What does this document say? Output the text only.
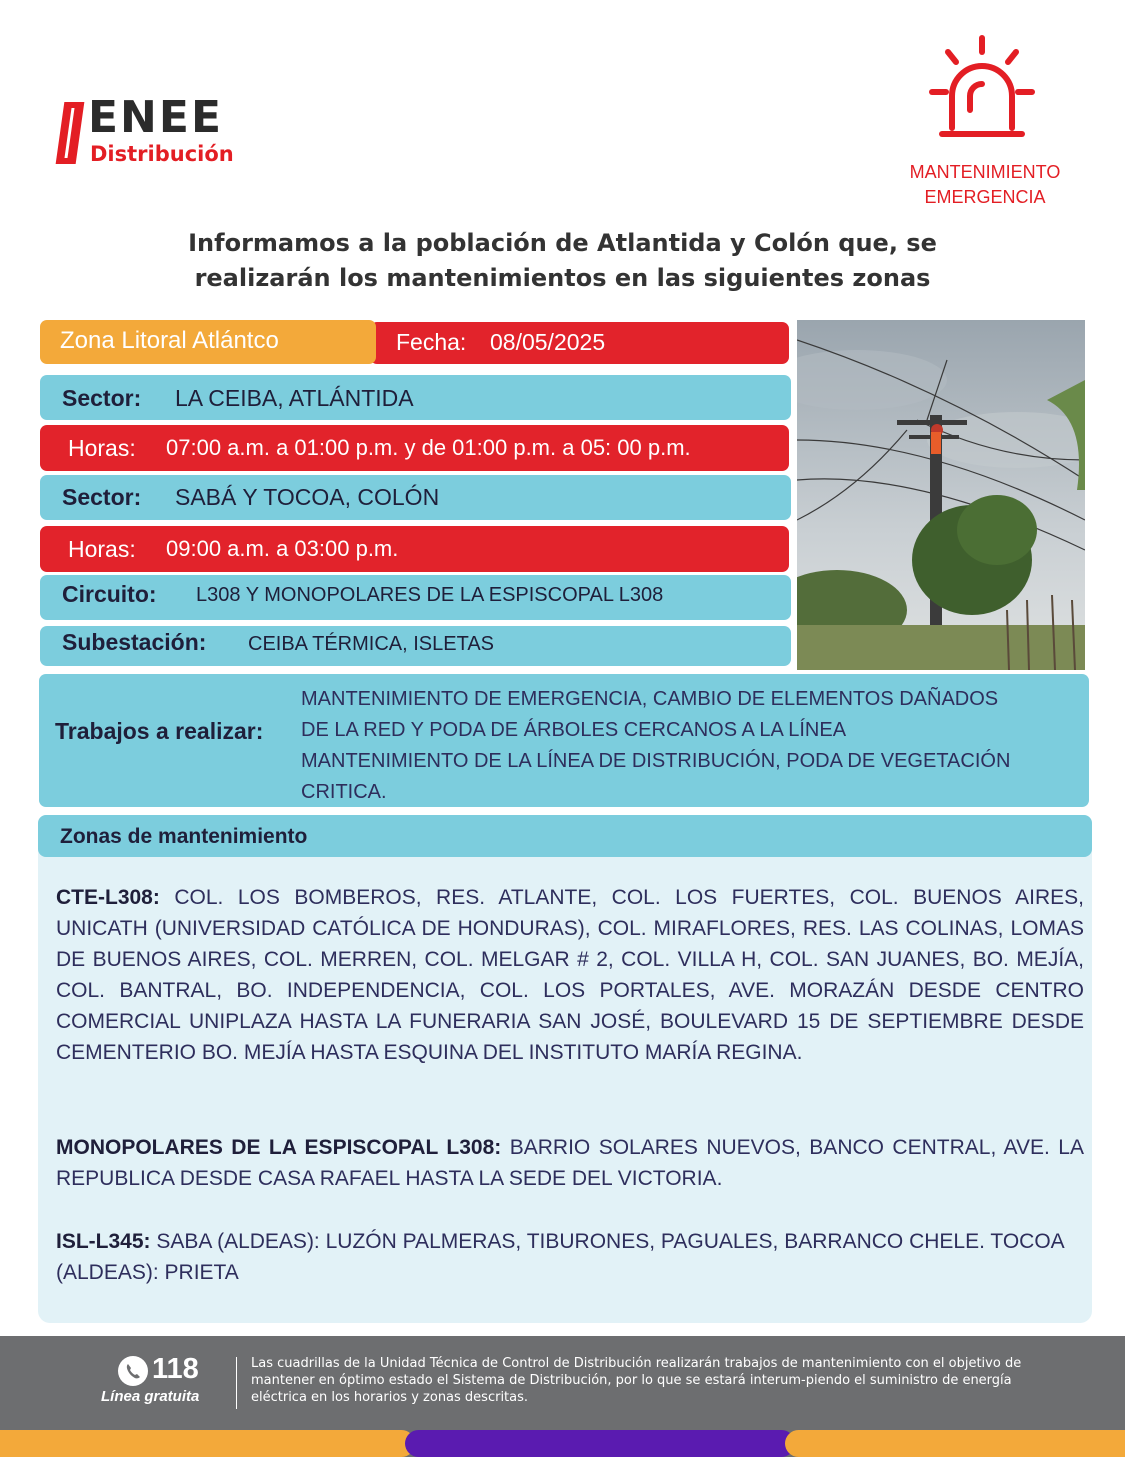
ENEE
Distribución
MANTENIMIENTO
EMERGENCIA
Informamos a la población de Atlantida y Colón que, se
realizarán los mantenimientos en las siguientes zonas
Fecha: 08/05/2025
Zona Litoral Atlántco
Sector: LA CEIBA, ATLÁNTIDA
Horas: 07:00 a.m. a 01:00 p.m. y de 01:00 p.m. a 05: 00 p.m.
Sector: SABÁ Y TOCOA, COLÓN
Horas: 09:00 a.m. a 03:00 p.m.
Circuito: L308 Y MONOPOLARES DE LA ESPISCOPAL L308
Subestación: CEIBA TÉRMICA, ISLETAS
Trabajos a realizar:
MANTENIMIENTO DE EMERGENCIA, CAMBIO DE ELEMENTOS DAÑADOS
DE LA RED Y PODA DE ÁRBOLES CERCANOS A LA LÍNEA
MANTENIMIENTO DE LA LÍNEA DE DISTRIBUCIÓN, PODA DE VEGETACIÓN
CRITICA.
Zonas de mantenimiento
CTE-L308: COL. LOS BOMBEROS, RES. ATLANTE, COL. LOS FUERTES, COL. BUENOS AIRES, UNICATH (UNIVERSIDAD CATÓLICA DE HONDURAS), COL. MIRAFLORES, RES. LAS COLINAS, LOMAS DE BUENOS AIRES, COL. MERREN, COL. MELGAR # 2, COL. VILLA H, COL. SAN JUANES, BO. MEJÍA, COL. BANTRAL, BO. INDEPENDENCIA, COL. LOS PORTALES, AVE. MORAZÁN DESDE CENTRO COMERCIAL UNIPLAZA HASTA LA FUNERARIA SAN JOSÉ, BOULEVARD 15 DE SEPTIEMBRE DESDE CEMENTERIO BO. MEJÍA HASTA ESQUINA DEL INSTITUTO MARÍA REGINA.
MONOPOLARES DE LA ESPISCOPAL L308: BARRIO SOLARES NUEVOS, BANCO CENTRAL, AVE. LA REPUBLICA DESDE CASA RAFAEL HASTA LA SEDE DEL VICTORIA.
ISL-L345: SABA (ALDEAS): LUZÓN PALMERAS, TIBURONES, PAGUALES, BARRANCO CHELE. TOCOA (ALDEAS): PRIETA
118
Línea gratuita
Las cuadrillas de la Unidad Técnica de Control de Distribución realizarán trabajos de mantenimiento con el objetivo de mantener en óptimo estado el Sistema de Distribución, por lo que se estará interum-piendo el suministro de energía eléctrica en los horarios y zonas descritas.
